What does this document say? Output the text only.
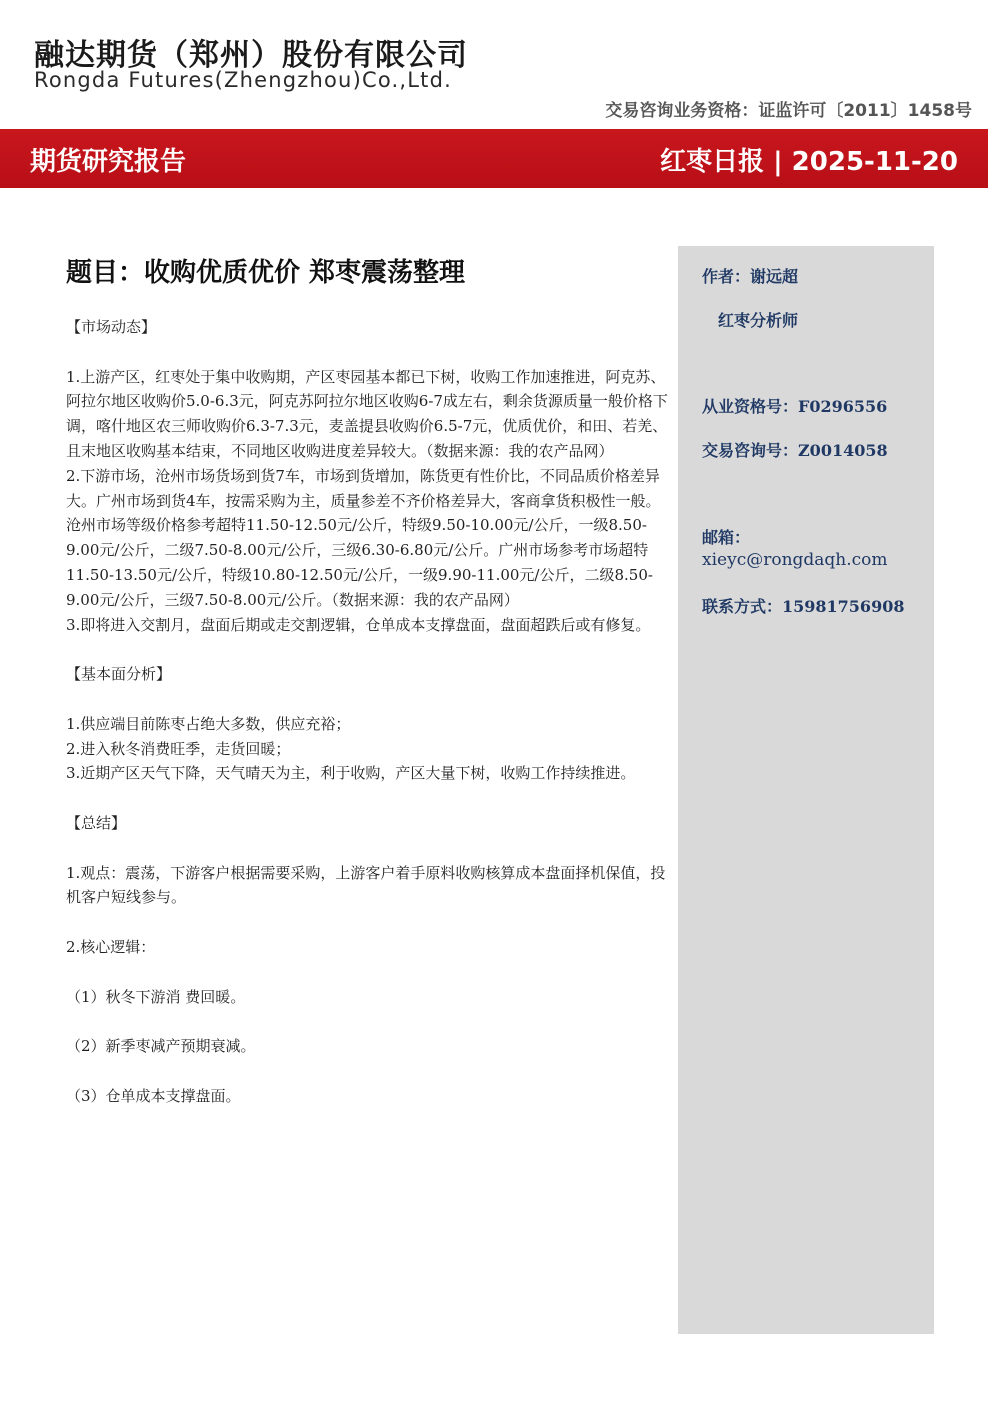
融达期货（郑州）股份有限公司
Rongda Futures(Zhengzhou)Co.,Ltd.
交易咨询业务资格：证监许可〔2011〕1458号
期货研究报告	红枣日报 | 2025-11-20
题目：收购优质优价 郑枣震荡整理

【市场动态】

1.上游产区，红枣处于集中收购期，产区枣园基本都已下树，收购工作加速推进，阿克苏、阿拉尔地区收购价5.0-6.3元，阿克苏阿拉尔地区收购6-7成左右，剩余货源质量一般价格下调，喀什地区农三师收购价6.3-7.3元，麦盖提县收购价6.5-7元，优质优价，和田、若羌、且末地区收购基本结束，不同地区收购进度差异较大。（数据来源：我的农产品网）

2.下游市场，沧州市场货场到货7车，市场到货增加，陈货更有性价比，不同品质价格差异大。广州市场到货4车，按需采购为主，质量参差不齐价格差异大，客商拿货积极性一般。沧州市场等级价格参考超特11.50-12.50元/公斤，特级9.50-10.00元/公斤，一级8.50-9.00元/公斤，二级7.50-8.00元/公斤，三级6.30-6.80元/公斤。广州市场参考市场超特11.50-13.50元/公斤，特级10.80-12.50元/公斤，一级9.90-11.00元/公斤，二级8.50-9.00元/公斤，三级7.50-8.00元/公斤。（数据来源：我的农产品网）

3.即将进入交割月，盘面后期或走交割逻辑，仓单成本支撑盘面，盘面超跌后或有修复。

【基本面分析】

1.供应端目前陈枣占绝大多数，供应充裕；

2.进入秋冬消费旺季，走货回暖；

3.近期产区天气下降，天气晴天为主，利于收购，产区大量下树，收购工作持续推进。

【总结】

1.观点：震荡，下游客户根据需要采购，上游客户着手原料收购核算成本盘面择机保值，投机客户短线参与。

2.核心逻辑：

（1）秋冬下游消 费回暖。

（2）新季枣减产预期衰减。

（3）仓单成本支撑盘面。

作者：谢远超
红枣分析师
从业资格号：F0296556
交易咨询号：Z0014058
邮箱：
xieyc@rongdaqh.com
联系方式：15981756908
